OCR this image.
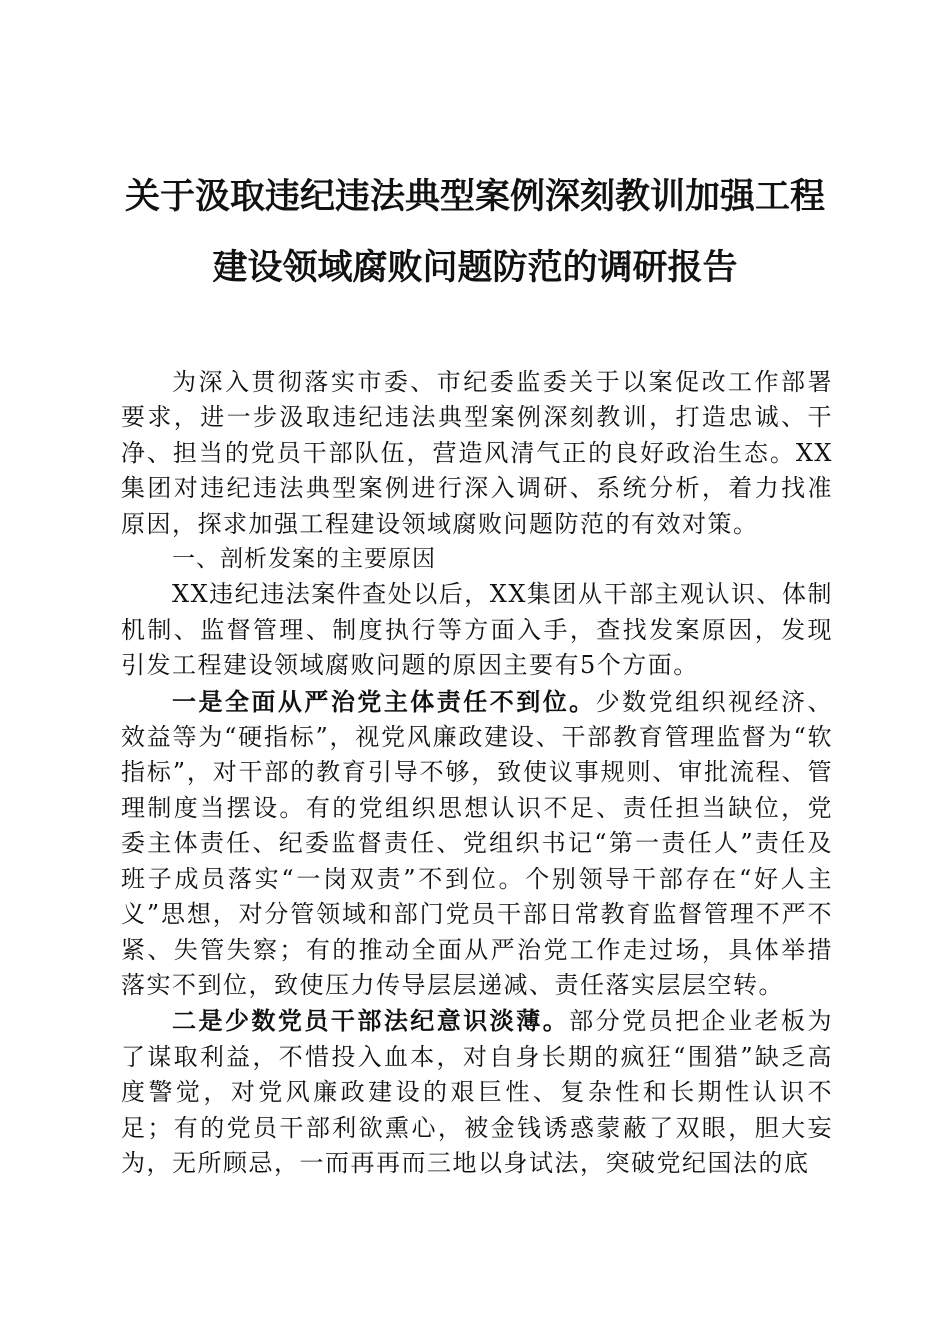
关于汲取违纪违法典型案例深刻教训加强工程
建设领域腐败问题防范的调研报告

为深入贯彻落实市委、市纪委监委关于以案促改工作部署要求，进一步汲取违纪违法典型案例深刻教训，打造忠诚、干净、担当的党员干部队伍，营造风清气正的良好政治生态。XX集团对违纪违法典型案例进行深入调研、系统分析，着力找准原因，探求加强工程建设领域腐败问题防范的有效对策。

一、剖析发案的主要原因

XX违纪违法案件查处以后，XX集团从干部主观认识、体制机制、监督管理、制度执行等方面入手，查找发案原因，发现引发工程建设领域腐败问题的原因主要有5个方面。

一是全面从严治党主体责任不到位。少数党组织视经济、效益等为“硬指标”，视党风廉政建设、干部教育管理监督为“软指标”，对干部的教育引导不够，致使议事规则、审批流程、管理制度当摆设。有的党组织思想认识不足、责任担当缺位，党委主体责任、纪委监督责任、党组织书记“第一责任人”责任及班子成员落实“一岗双责”不到位。个别领导干部存在“好人主义”思想，对分管领域和部门党员干部日常教育监督管理不严不紧、失管失察；有的推动全面从严治党工作走过场，具体举措落实不到位，致使压力传导层层递减、责任落实层层空转。

二是少数党员干部法纪意识淡薄。部分党员把企业老板为了谋取利益，不惜投入血本，对自身长期的疯狂“围猎”缺乏高度警觉，对党风廉政建设的艰巨性、复杂性和长期性认识不足；有的党员干部利欲熏心，被金钱诱惑蒙蔽了双眼，胆大妄为，无所顾忌，一而再再而三地以身试法，突破党纪国法的底
